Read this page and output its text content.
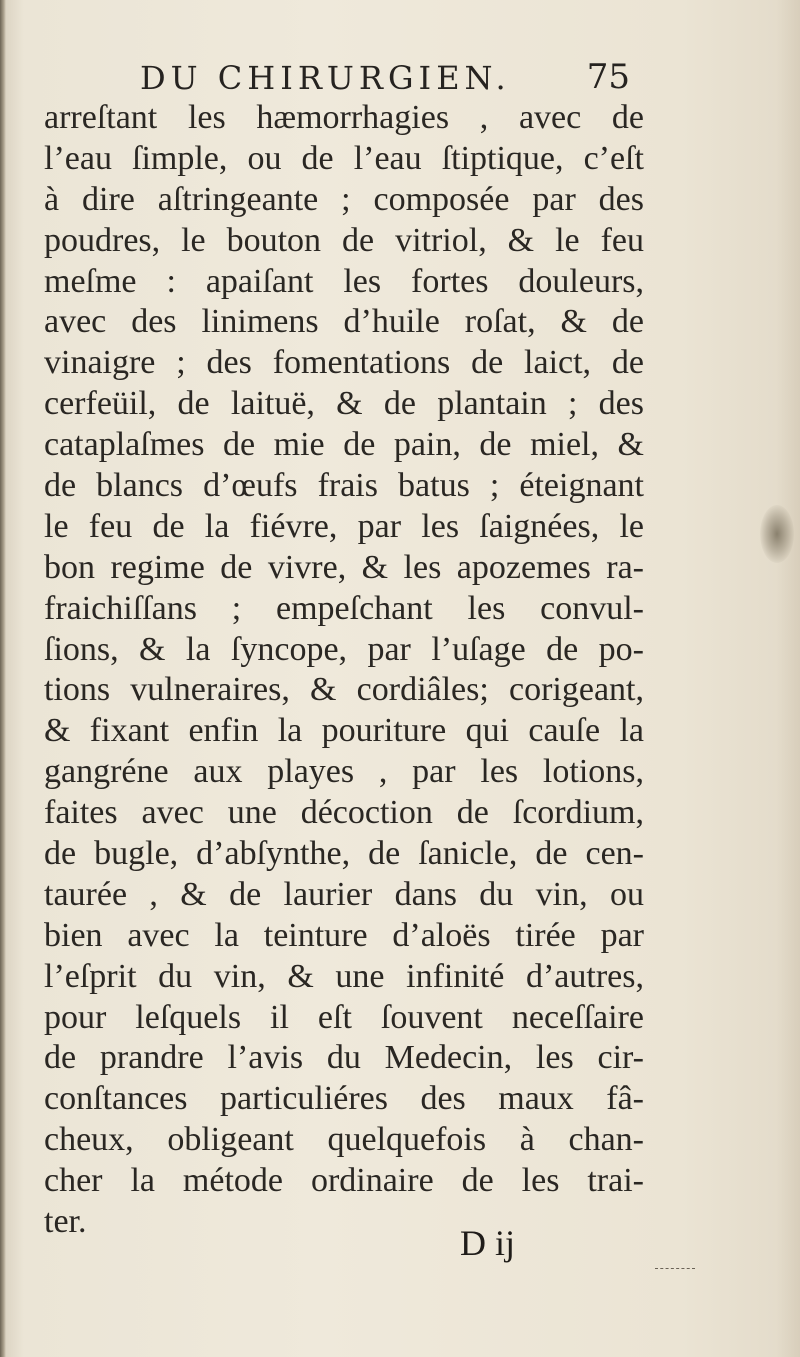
DU CHIRURGIEN. 75
arreſtant les hæmorrhagies , avec de
l’eau ſimple, ou de l’eau ſtiptique, c’eſt
à dire aſtringeante ; composée par des
poudres, le bouton de vitriol, & le feu
meſme : apaiſant les fortes douleurs,
avec des linimens d’huile roſat, & de
vinaigre ; des fomentations de laict, de
cerfeüil, de laituë, & de plantain ; des
cataplaſmes de mie de pain, de miel, &
de blancs d’œufs frais batus ; éteignant
le feu de la fiévre, par les ſaignées, le
bon regime de vivre, & les apozemes ra-
fraichiſſans ; empeſchant les convul-
ſions, & la ſyncope, par l’uſage de po-
tions vulneraires, & cordiâles; corigeant,
& fixant enfin la pouriture qui cauſe la
gangréne aux playes , par les lotions,
faites avec une décoction de ſcordium,
de bugle, d’abſynthe, de ſanicle, de cen-
taurée , & de laurier dans du vin, ou
bien avec la teinture d’aloës tirée par
l’eſprit du vin, & une infinité d’autres,
pour leſquels il eſt ſouvent neceſſaire
de prandre l’avis du Medecin, les cir-
conſtances particuliéres des maux fâ-
cheux, obligeant quelquefois à chan-
cher la métode ordinaire de les trai-
ter.
D ij
